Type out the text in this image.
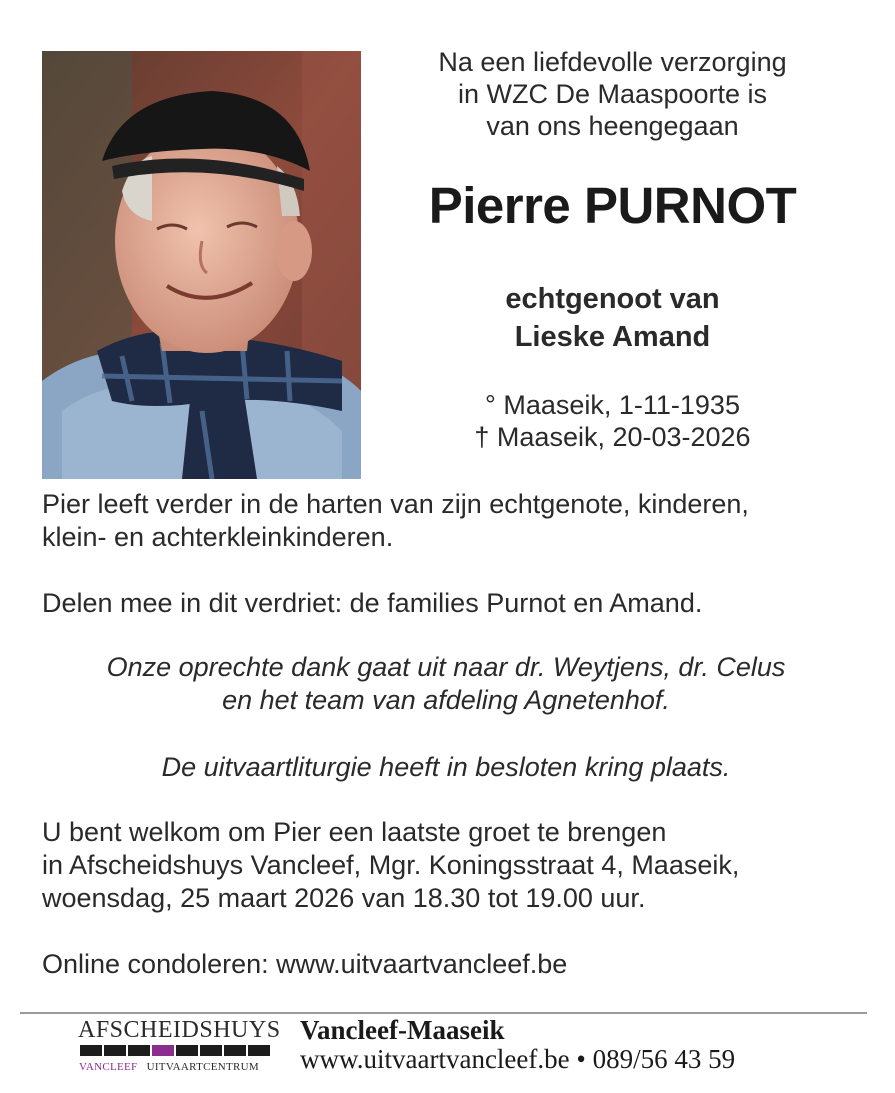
Na een liefdevolle verzorging
in WZC De Maaspoorte is
van ons heengegaan
Pierre PURNOT
echtgenoot van
Lieske Amand
° Maaseik, 1-11-1935
† Maaseik, 20-03-2026
Pier leeft verder in de harten van zijn echtgenote, kinderen,
klein- en achterkleinkinderen.
Delen mee in dit verdriet: de families Purnot en Amand.
Onze oprechte dank gaat uit naar dr. Weytjens, dr. Celus
en het team van afdeling Agnetenhof.
De uitvaartliturgie heeft in besloten kring plaats.
U bent welkom om Pier een laatste groet te brengen
in Afscheidshuys Vancleef, Mgr. Koningsstraat 4, Maaseik,
woensdag, 25 maart 2026 van 18.30 tot 19.00 uur.
Online condoleren: www.uitvaartvancleef.be
AFSCHEIDSHUYS
VANCLEEF UITVAARTCENTRUM
Vancleef-Maaseik
www.uitvaartvancleef.be • 089/56 43 59
